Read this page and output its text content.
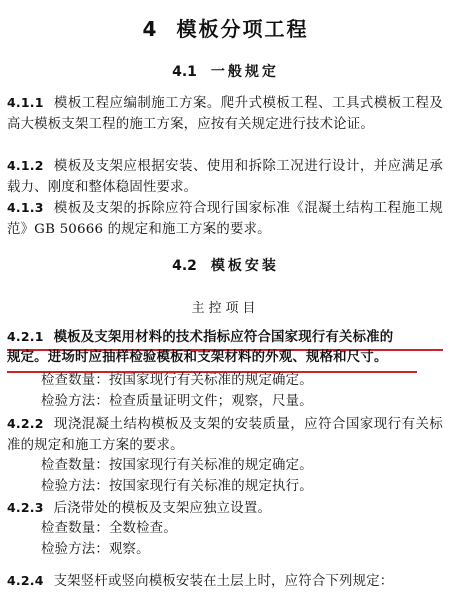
4 模板分项工程
4.1 一般规定
4.1.1 模板工程应编制施工方案。爬升式模板工程、工具式模板工程及高大模板支架工程的施工方案，应按有关规定进行技术论证。
4.1.2 模板及支架应根据安装、使用和拆除工况进行设计，并应满足承载力、刚度和整体稳固性要求。
4.1.3 模板及支架的拆除应符合现行国家标准《混凝土结构工程施工规范》GB 50666 的规定和施工方案的要求。
4.2 模板安装
主控项目
4.2.1 模板及支架用材料的技术指标应符合国家现行有关标准的
规定。进场时应抽样检验模板和支架材料的外观、规格和尺寸。
检查数量：按国家现行有关标准的规定确定。
检验方法：检查质量证明文件；观察，尺量。
4.2.2 现浇混凝土结构模板及支架的安装质量，应符合国家现行有关标准的规定和施工方案的要求。
检查数量：按国家现行有关标准的规定确定。
检验方法：按国家现行有关标准的规定执行。
4.2.3 后浇带处的模板及支架应独立设置。
检查数量：全数检查。
检验方法：观察。
4.2.4 支架竖杆或竖向模板安装在土层上时，应符合下列规定：
